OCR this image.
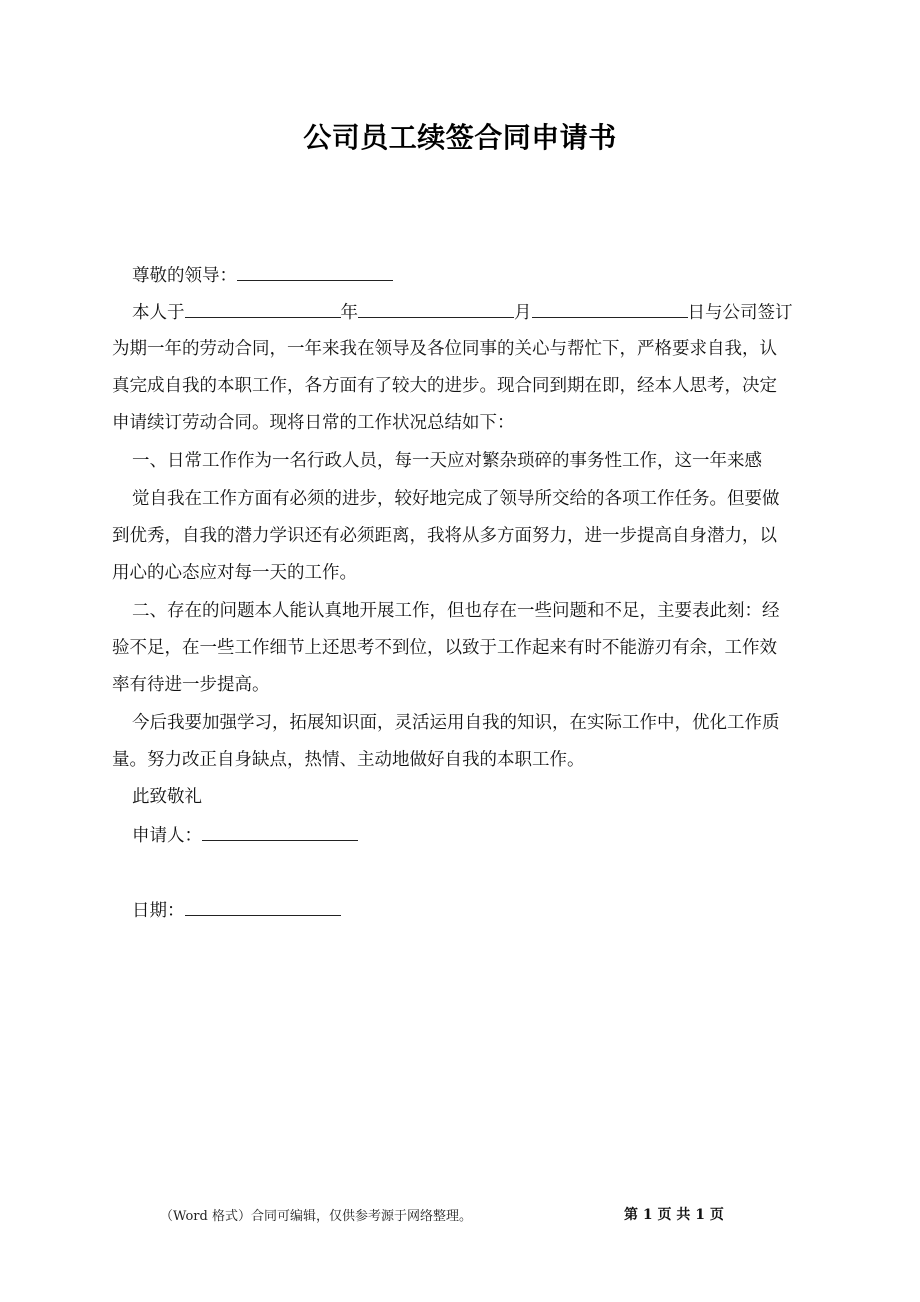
公司员工续签合同申请书
尊敬的领导：
本人于	年	月	日与公司签订
为期一年的劳动合同，一年来我在领导及各位同事的关心与帮忙下，严格要求自我，认
真完成自我的本职工作，各方面有了较大的进步。现合同到期在即，经本人思考，决定
申请续订劳动合同。现将日常的工作状况总结如下：
一、日常工作作为一名行政人员，每一天应对繁杂琐碎的事务性工作，这一年来感
觉自我在工作方面有必须的进步，较好地完成了领导所交给的各项工作任务。但要做
到优秀，自我的潜力学识还有必须距离，我将从多方面努力，进一步提高自身潜力，以
用心的心态应对每一天的工作。
二、存在的问题本人能认真地开展工作，但也存在一些问题和不足，主要表此刻：经
验不足，在一些工作细节上还思考不到位，以致于工作起来有时不能游刃有余，工作效
率有待进一步提高。
今后我要加强学习，拓展知识面，灵活运用自我的知识，在实际工作中，优化工作质
量。努力改正自身缺点，热情、主动地做好自我的本职工作。
此致敬礼
申请人：
日期：
（Word 格式）合同可编辑，仅供参考源于网络整理。	第 1 页 共 1 页
